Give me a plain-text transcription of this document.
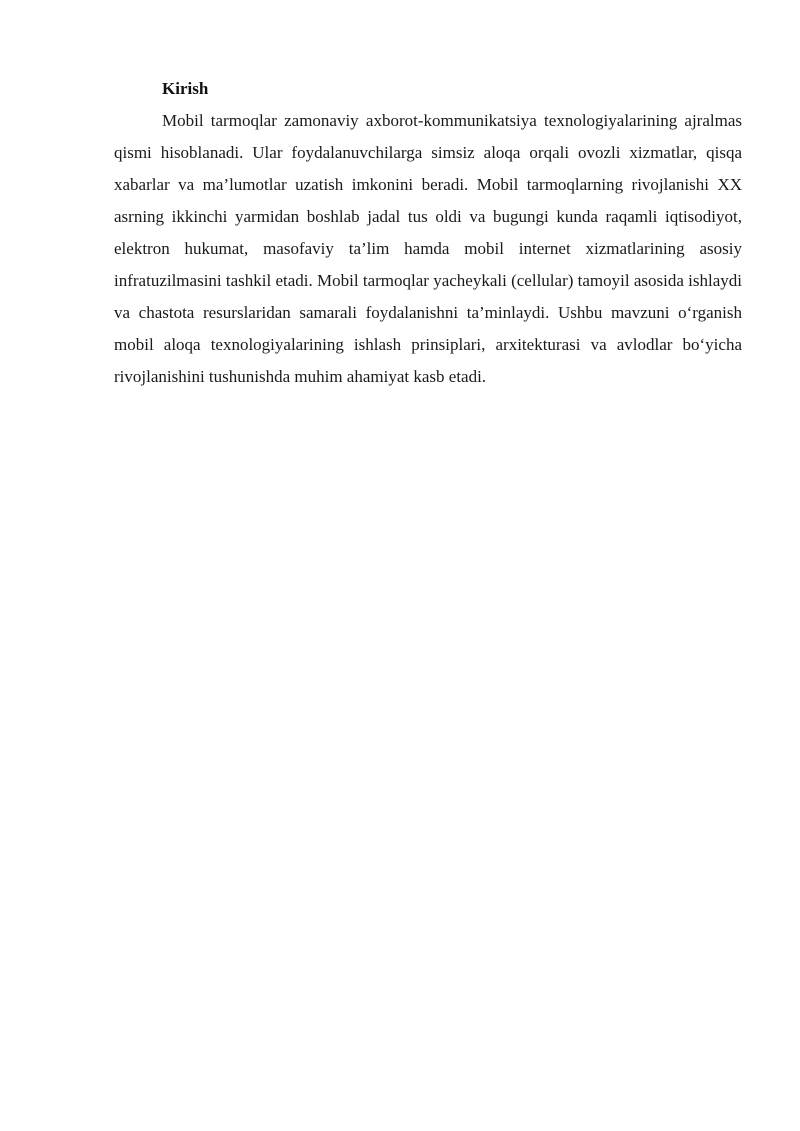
Kirish

Mobil tarmoqlar zamonaviy axborot-kommunikatsiya texnologiyalarining ajralmas qismi hisoblanadi. Ular foydalanuvchilarga simsiz aloqa orqali ovozli xizmatlar, qisqa xabarlar va ma’lumotlar uzatish imkonini beradi. Mobil tarmoqlarning rivojlanishi XX asrning ikkinchi yarmidan boshlab jadal tus oldi va bugungi kunda raqamli iqtisodiyot, elektron hukumat, masofaviy ta’lim hamda mobil internet xizmatlarining asosiy infratuzilmasini tashkil etadi. Mobil tarmoqlar yacheykali (cellular) tamoyil asosida ishlaydi va chastota resurslaridan samarali foydalanishni ta’minlaydi. Ushbu mavzuni o‘rganish mobil aloqa texnologiyalarining ishlash prinsiplari, arxitekturasi va avlodlar bo‘yicha rivojlanishini tushunishda muhim ahamiyat kasb etadi.
